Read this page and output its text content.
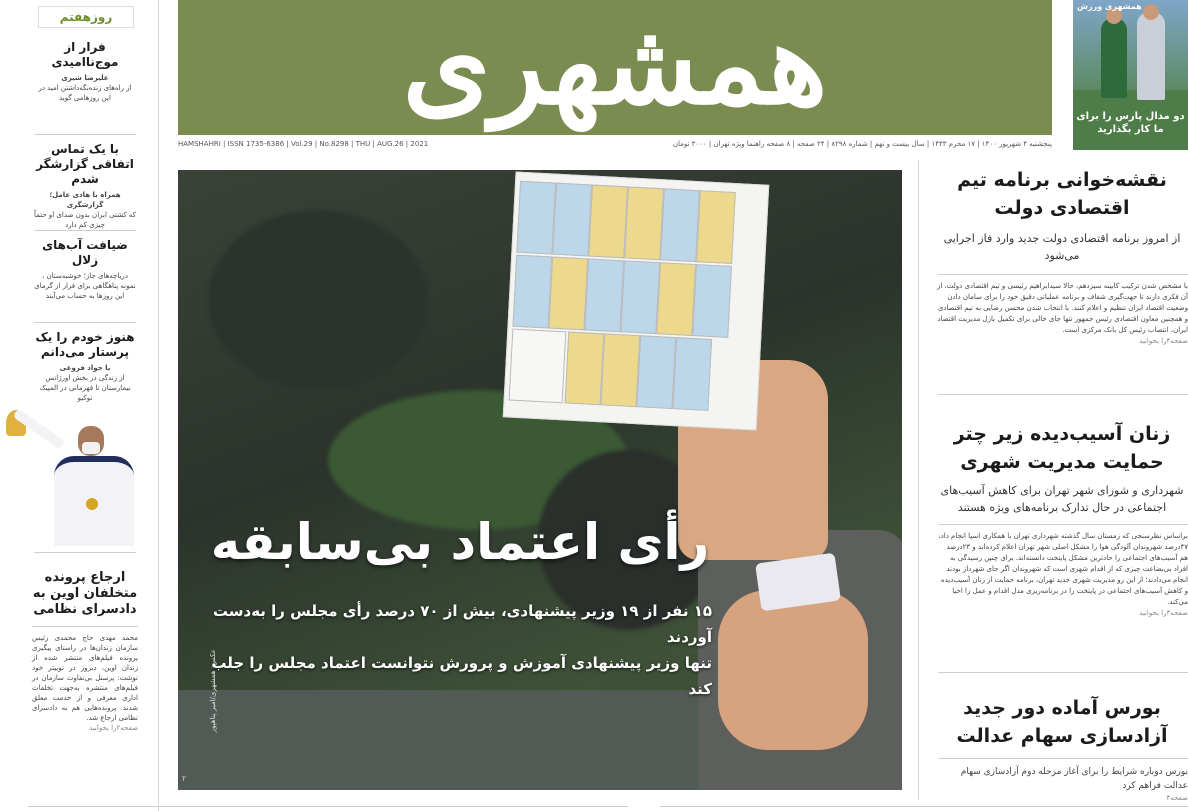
روزهفتم
فرار از موج‌ناامیدی
علیرضا شیری
از راه‌های زنده‌نگه‌داشتن امید در این روزهامی گوید
با یک تماس اتفاقی گزارشگر شدم
همراه با هادی عامل؛ گزارشگری
که کشتی ایران بدون صدای او حتماً چیزی کم دارد
ضیافت آب‌های زلال
دریاچه‌های جاز؛ خوشبه‌ستان ، نمونه پناهگاهی برای فرار از گرمای این روزها به حساب می‌آیند
هنوز خودم را یک پرستار می‌دانم
با جواد فروغی
از زندگی در بخش اورژانس بیمارستان تا قهرمانی در المپیک توکیو
ارجاع پرونده متخلفان اوین به دادسرای نظامی
محمد مهدی حاج محمدی رئیس سازمان زندان‌ها در راستای پیگیری پرونده فیلم‌های منتشر شده از زندان اوین، دیروز در توییتر خود نوشت: پرسنل بی‌تفاوت سازمان در فیلم‌های منتشره به‌جهت تخلفات اداری معرفی و از خدمت معلق شدند. پرونده‌هایی هم به دادسرای نظامی ارجاع شد.
صفحه۲را بخوانید
همشهری
HAMSHAHRI | ISSN 1735-6386 | Vol.29 | No.8298 | THU | AUG.26 | 2021	پنجشنبه ۴ شهریور ۱۴۰۰ | ۱۷ محرم ۱۴۴۳ | سال بیست و نهم | شماره ۸۲۹۸ | ۲۴ صفحه | ۸ صفحه راهنما ویژه تهران | ۳۰۰۰ تومان
همشهری ورزش
دو مدال پارس را برای ما کار بگذارید
رأی اعتماد بی‌سابقه
۱۵ نفر از ۱۹ وزیر پیشنهادی، بیش از ۷۰ درصد رأی مجلس را به‌دست آوردند
تنها وزیر پیشنهادی آموزش و پرورش نتوانست اعتماد مجلس را جلب کند
عکس: همشهری/امیر پناهپور
۲
نقشه‌خوانی برنامه تیم اقتصادی دولت
از امروز برنامه اقتصادی دولت جدید وارد فاز اجرایی می‌شود
با مشخص شدن ترکیب کابینه سیزدهم، حالا سیدابراهیم رئیسی و تیم اقتصادی دولت، از آن فکری دارند تا جهت‌گیری شفاف و برنامه عملیاتی دقیق خود را برای سامان دادن وضعیت اقتصاد ایران تنظیم و اعلام کنند. با انتخاب شدن محسن رضایی به تیم اقتصادی و همچنین معاون اقتصادی رئیس جمهور تنها جای خالی برای تکمیل بازل مدیریت اقتصاد ایران، انتصاب رئیس کل بانک مرکزی است.
صفحه۴را بخوانید
زنان آسیب‌دیده زیر چتر حمایت مدیریت شهری
شهرداری و شورای شهر تهران برای کاهش آسیب‌های اجتماعی در حال تدارک برنامه‌های ویژه هستند
براساس نظرسنجی که زمستان سال گذشته شهرداری تهران با همکاری اسپا انجام داد، ۴۷درصد شهروندان آلودگی هوا را مشکل اصلی شهر تهران اعلام کرده‌اند و ۲۳درصد هم آسیب‌های اجتماعی را حادترین مشکل پایتخت دانسته‌اند. برای چنین رسیدگی به افراد بی‌بضاعت چیزی که از اقدام شهری است که شهروندان اگر جای شهرداز بودند انجام می‌دادند؛ از این رو مدیریت شهری جدید تهران، برنامه حمایت از زنان آسیب‌دیده و کاهش آسیب‌های اجتماعی در پایتخت را در برنامه‌ریزی مدل اقدام و عمل را احیا می‌کند.
صفحه۳را بخوانید
بورس آماده دور جدید آزادسازی سهام عدالت
بورس دوباره شرایط را برای آغاز مرحله دوم آزادسازی سهام عدالت فراهم کرد
صفحه۴
